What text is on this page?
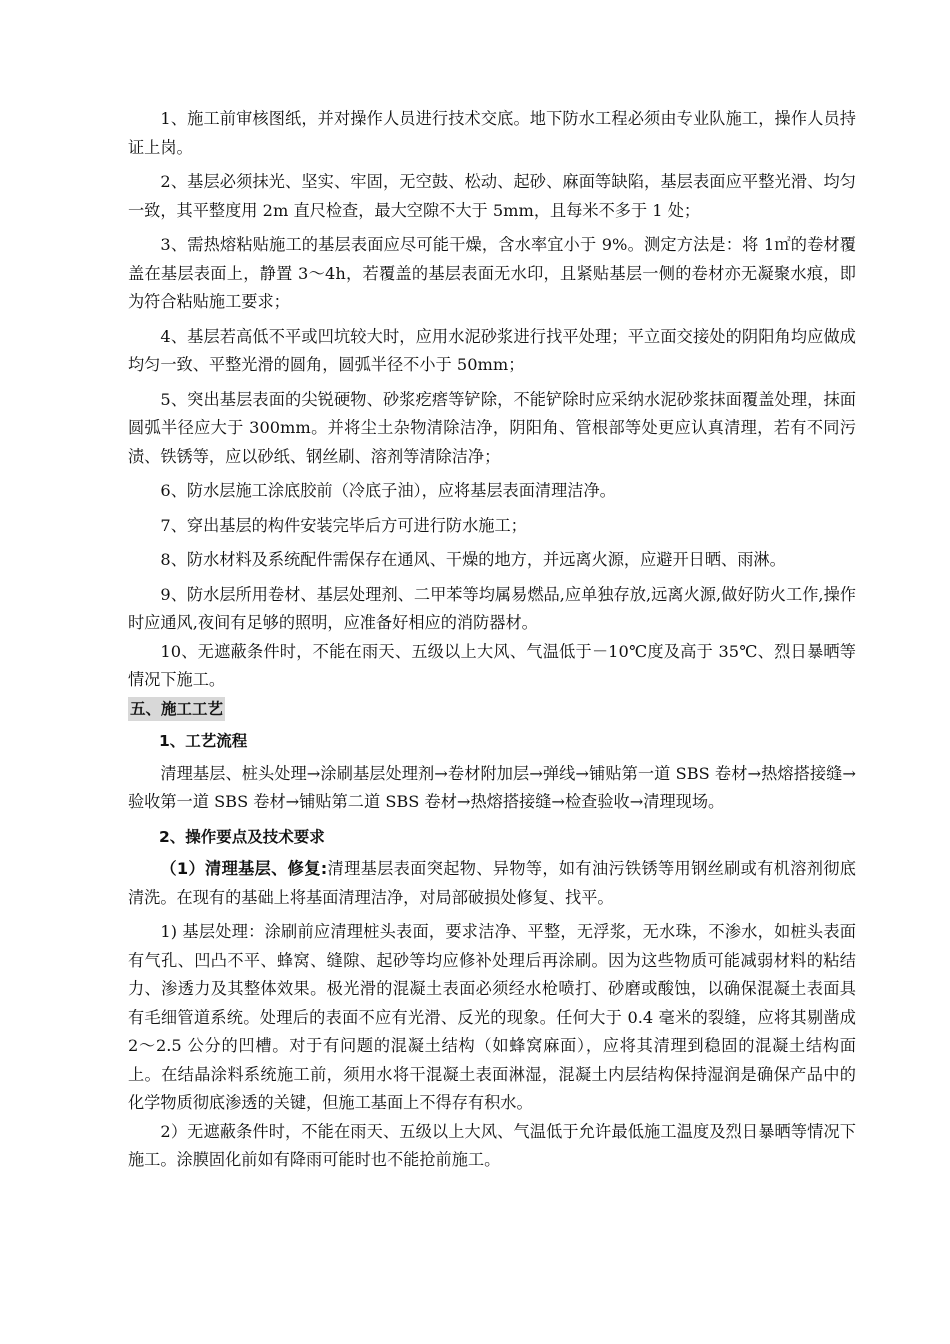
1、施工前审核图纸，并对操作人员进行技术交底。地下防水工程必须由专业队施工，操作人员持证上岗。

2、基层必须抹光、坚实、牢固，无空鼓、松动、起砂、麻面等缺陷，基层表面应平整光滑、均匀一致，其平整度用 2m 直尺检查，最大空隙不大于 5mm，且每米不多于 1 处；

3、需热熔粘贴施工的基层表面应尽可能干燥，含水率宜小于 9%。测定方法是：将 1㎡的卷材覆盖在基层表面上，静置 3～4h，若覆盖的基层表面无水印，且紧贴基层一侧的卷材亦无凝聚水痕，即为符合粘贴施工要求；

4、基层若高低不平或凹坑较大时，应用水泥砂浆进行找平处理；平立面交接处的阴阳角均应做成均匀一致、平整光滑的圆角，圆弧半径不小于 50mm；

5、突出基层表面的尖锐硬物、砂浆疙瘩等铲除，不能铲除时应采纳水泥砂浆抹面覆盖处理，抹面圆弧半径应大于 300mm。并将尘土杂物清除洁净，阴阳角、管根部等处更应认真清理，若有不同污渍、铁锈等，应以砂纸、钢丝刷、溶剂等清除洁净；

6、防水层施工涂底胶前（冷底子油），应将基层表面清理洁净。

7、穿出基层的构件安装完毕后方可进行防水施工；

8、防水材料及系统配件需保存在通风、干燥的地方，并远离火源，应避开日晒、雨淋。

9、防水层所用卷材、基层处理剂、二甲苯等均属易燃品,应单独存放,远离火源,做好防火工作,操作时应通风,夜间有足够的照明，应准备好相应的消防器材。

10、无遮蔽条件时，不能在雨天、五级以上大风、气温低于－10℃度及高于 35℃、烈日暴晒等情况下施工。

五、施工工艺

1、工艺流程

清理基层、桩头处理→涂刷基层处理剂→卷材附加层→弹线→铺贴第一道 SBS 卷材→热熔搭接缝→验收第一道 SBS 卷材→铺贴第二道 SBS 卷材→热熔搭接缝→检查验收→清理现场。

2、操作要点及技术要求

（1）清理基层、修复:清理基层表面突起物、异物等，如有油污铁锈等用钢丝刷或有机溶剂彻底清洗。在现有的基础上将基面清理洁净，对局部破损处修复、找平。

1) 基层处理：涂刷前应清理桩头表面，要求洁净、平整，无浮浆，无水珠，不渗水，如桩头表面有气孔、凹凸不平、蜂窝、缝隙、起砂等均应修补处理后再涂刷。因为这些物质可能减弱材料的粘结力、渗透力及其整体效果。极光滑的混凝土表面必须经水枪喷打、砂磨或酸蚀，以确保混凝土表面具有毛细管道系统。处理后的表面不应有光滑、反光的现象。任何大于 0.4 毫米的裂缝，应将其剔凿成 2～2.5 公分的凹槽。对于有问题的混凝土结构（如蜂窝麻面），应将其清理到稳固的混凝土结构面上。在结晶涂料系统施工前，须用水将干混凝土表面淋湿，混凝土内层结构保持湿润是确保产品中的化学物质彻底渗透的关键，但施工基面上不得存有积水。

2）无遮蔽条件时，不能在雨天、五级以上大风、气温低于允许最低施工温度及烈日暴晒等情况下施工。涂膜固化前如有降雨可能时也不能抢前施工。
